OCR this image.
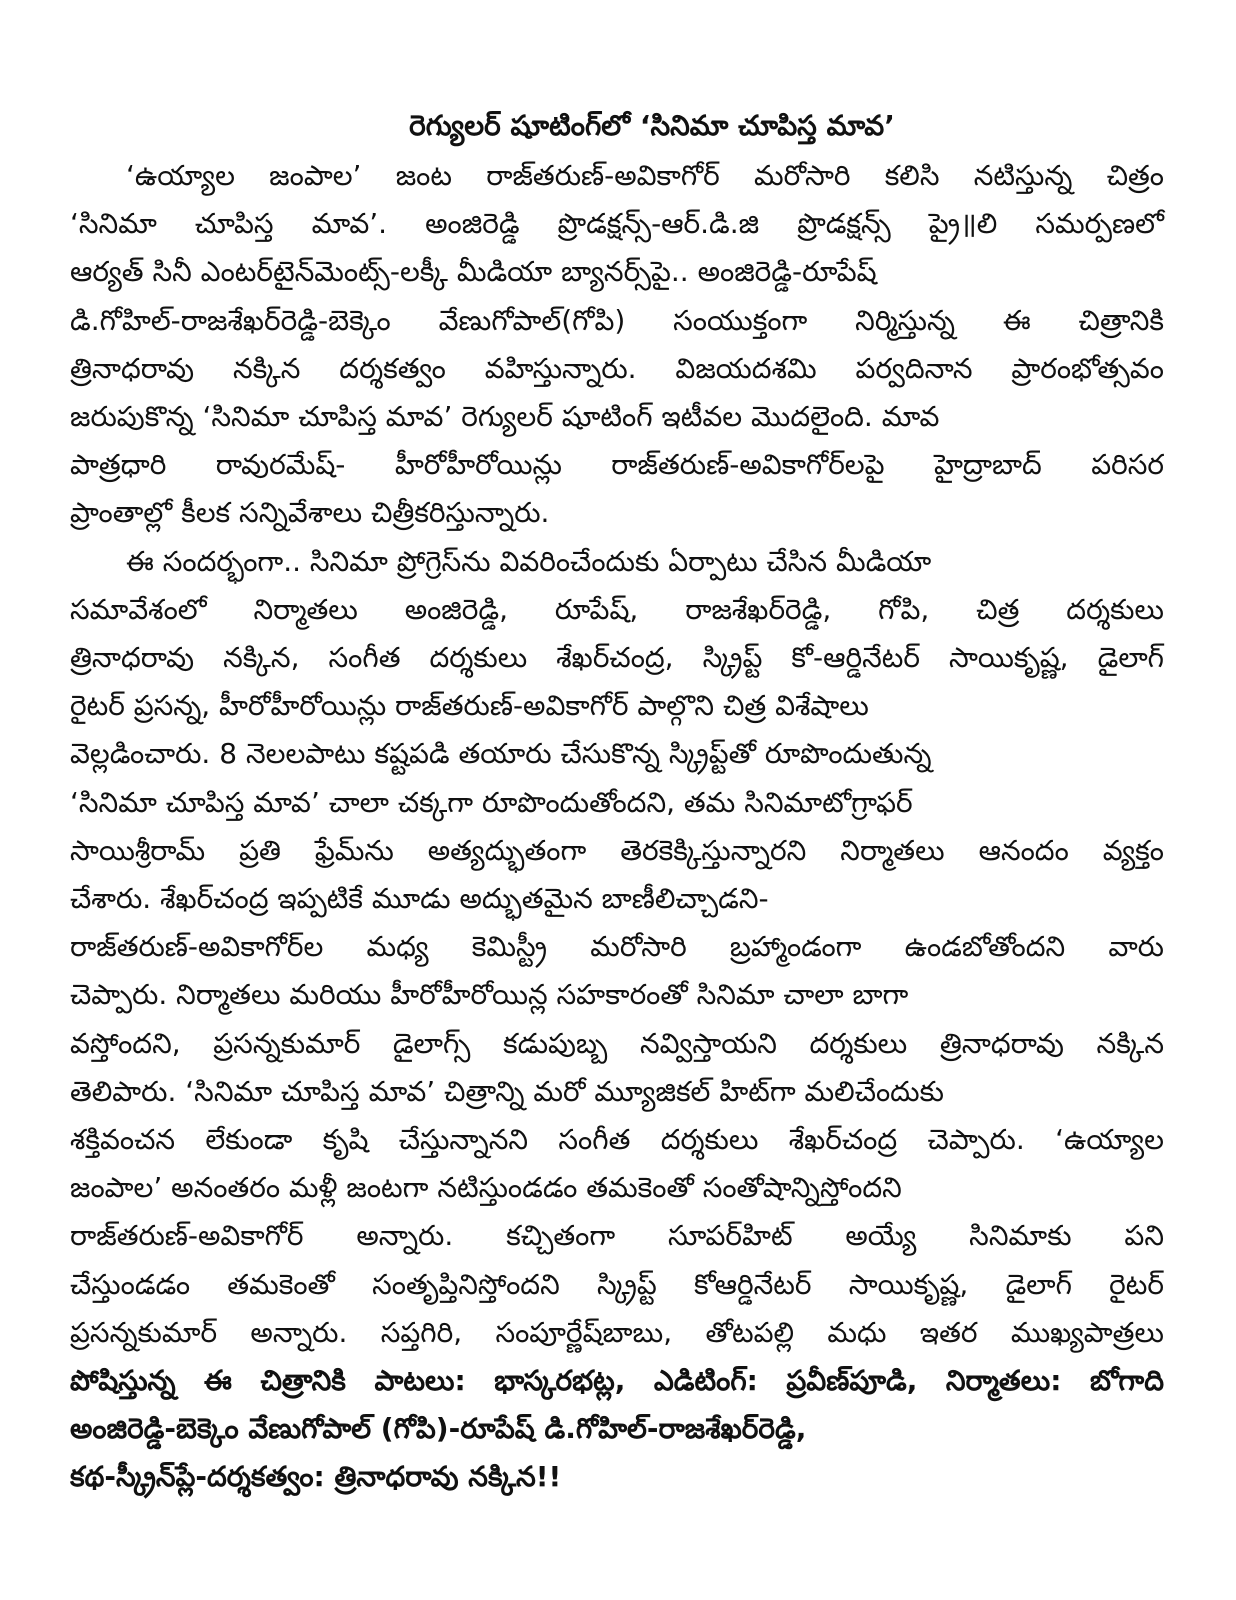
రెగ్యులర్ షూటింగ్‌లో ‘సినిమా చూపిస్త మావ’

‘ఉయ్యాల జంపాల’ జంట రాజ్‌తరుణ్-అవికాగోర్ మరోసారి కలిసి నటిస్తున్న చిత్రం

‘సినిమా చూపిస్త మావ’. అంజిరెడ్డి ప్రొడక్షన్స్-ఆర్.డి.జి ప్రొడక్షన్స్ ప్రై॥లి సమర్పణలో

ఆర్యత్ సినీ ఎంటర్‌టైన్‌మెంట్స్-లక్కీ మీడియా బ్యానర్స్‌పై.. అంజిరెడ్డి-రూపేష్

డి.గోహిల్-రాజశేఖర్‌రెడ్డి-బెక్కెం వేణుగోపాల్(గోపి) సంయుక్తంగా నిర్మిస్తున్న ఈ చిత్రానికి

త్రినాధరావు నక్కిన దర్శకత్వం వహిస్తున్నారు. విజయదశమి పర్వదినాన ప్రారంభోత్సవం

జరుపుకొన్న ‘సినిమా చూపిస్త మావ’ రెగ్యులర్ షూటింగ్ ఇటీవల మొదలైంది. మావ

పాత్రధారి రావురమేష్- హీరోహీరోయిన్లు రాజ్‌తరుణ్-అవికాగోర్‌లపై హైద్రాబాద్ పరిసర

ప్రాంతాల్లో కీలక సన్నివేశాలు చిత్రీకరిస్తున్నారు.

ఈ సందర్భంగా.. సినిమా ప్రోగ్రెస్‌ను వివరించేందుకు ఏర్పాటు చేసిన మీడియా

సమావేశంలో నిర్మాతలు అంజిరెడ్డి, రూపేష్, రాజశేఖర్‌రెడ్డి, గోపి, చిత్ర దర్శకులు

త్రినాధరావు నక్కిన, సంగీత దర్శకులు శేఖర్‌చంద్ర, స్క్రిప్ట్ కో-ఆర్డినేటర్ సాయికృష్ణ, డైలాగ్

రైటర్ ప్రసన్న, హీరోహీరోయిన్లు రాజ్‌తరుణ్-అవికాగోర్ పాల్గొని చిత్ర విశేషాలు

వెల్లడించారు. 8 నెలలపాటు కష్టపడి తయారు చేసుకొన్న స్క్రిప్ట్‌తో రూపొందుతున్న

‘సినిమా చూపిస్త మావ’ చాలా చక్కగా రూపొందుతోందని, తమ సినిమాటోగ్రాఫర్

సాయిశ్రీరామ్ ప్రతి ఫ్రేమ్‌ను అత్యద్భుతంగా తెరకెక్కిస్తున్నారని నిర్మాతలు ఆనందం వ్యక్తం

చేశారు. శేఖర్‌చంద్ర ఇప్పటికే మూడు అద్భుతమైన బాణీలిచ్చాడని-

రాజ్‌తరుణ్-అవికాగోర్‌ల మధ్య కెమిస్ట్రీ మరోసారి బ్రహ్మాండంగా ఉండబోతోందని వారు

చెప్పారు. నిర్మాతలు మరియు హీరోహీరోయిన్ల సహకారంతో సినిమా చాలా బాగా

వస్తోందని, ప్రసన్నకుమార్ డైలాగ్స్ కడుపుబ్బ నవ్విస్తాయని దర్శకులు త్రినాధరావు నక్కిన

తెలిపారు. ‘సినిమా చూపిస్త మావ’ చిత్రాన్ని మరో మ్యూజికల్ హిట్‌గా మలిచేందుకు

శక్తివంచన లేకుండా కృషి చేస్తున్నానని సంగీత దర్శకులు శేఖర్‌చంద్ర చెప్పారు. ‘ఉయ్యాల

జంపాల’ అనంతరం మళ్లీ జంటగా నటిస్తుండడం తమకెంతో సంతోషాన్నిస్తోందని

రాజ్‌తరుణ్-అవికాగోర్ అన్నారు. కచ్చితంగా సూపర్‌హిట్ అయ్యే సినిమాకు పని

చేస్తుండడం తమకెంతో సంతృప్తినిస్తోందని స్క్రిప్ట్ కోఆర్డినేటర్ సాయికృష్ణ, డైలాగ్ రైటర్

ప్రసన్నకుమార్ అన్నారు. సప్తగిరి, సంపూర్ణేష్‌బాబు, తోటపల్లి మధు ఇతర ముఖ్యపాత్రలు

పోషిస్తున్న ఈ చిత్రానికి పాటలు: భాస్కరభట్ల, ఎడిటింగ్: ప్రవీణ్‌పూడి, నిర్మాతలు: బోగాది

అంజిరెడ్డి-బెక్కెం వేణుగోపాల్ (గోపి)-రూపేష్ డి.గోహిల్-రాజశేఖర్‌రెడ్డి,

కథ-స్క్రీన్‌ప్లే-దర్శకత్వం: త్రినాధరావు నక్కిన!!
